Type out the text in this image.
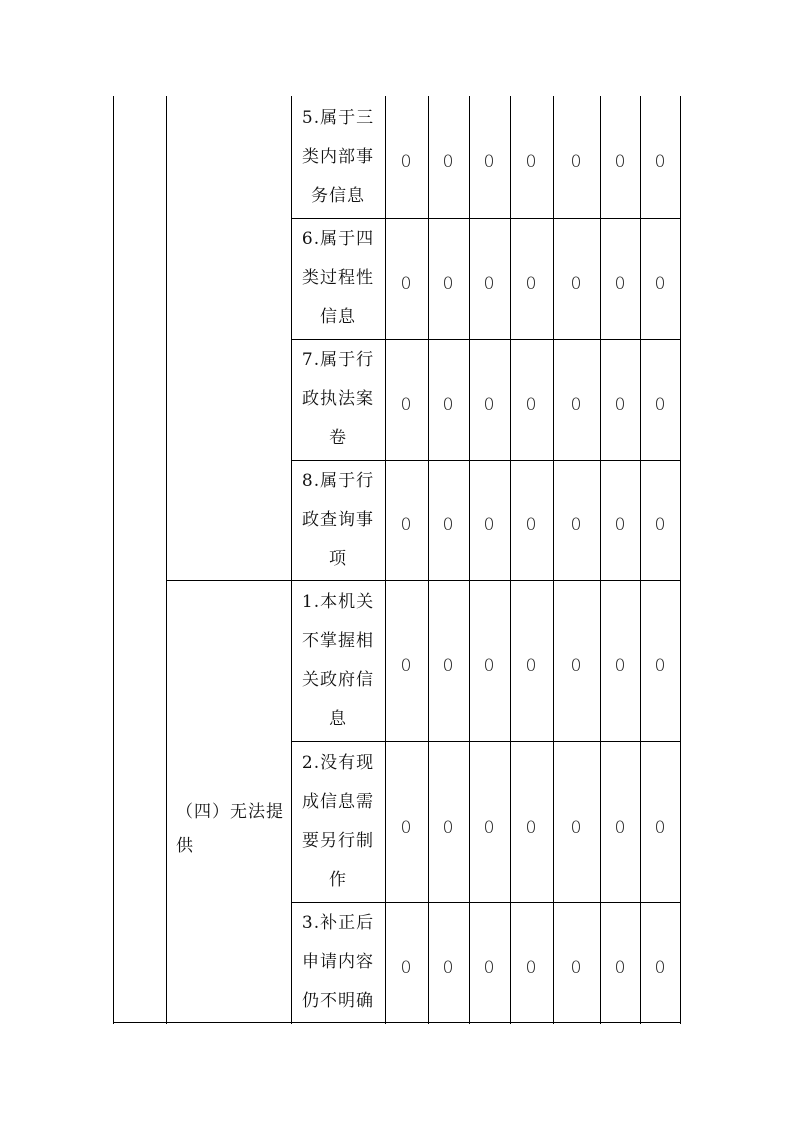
（四）无法提
供
5.属于三
类内部事
务信息
6.属于四
类过程性
信息
7.属于行
政执法案
卷
8.属于行
政查询事
项
1.本机关
不掌握相
关政府信
息
2.没有现
成信息需
要另行制
作
3.补正后
申请内容
仍不明确
0 0 0 0 0 0 0
0 0 0 0 0 0 0
0 0 0 0 0 0 0
0 0 0 0 0 0 0
0 0 0 0 0 0 0
0 0 0 0 0 0 0
0 0 0 0 0 0 0
